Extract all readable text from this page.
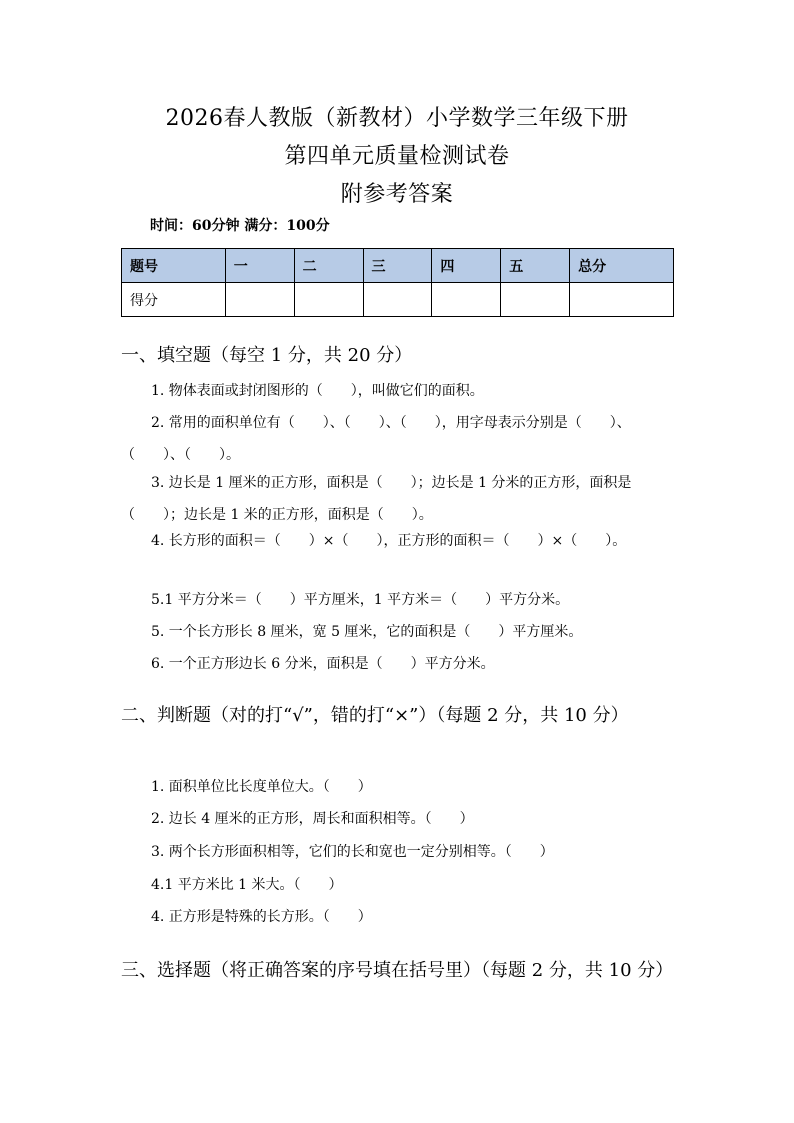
2026春人教版（新教材）小学数学三年级下册
第四单元质量检测试卷
附参考答案
时间：60分钟 满分：100分
题号	一	二	三	四	五	总分
得分						
一、填空题（每空 1 分，共 20 分）
1. 物体表面或封闭图形的（　　），叫做它们的面积。
2. 常用的面积单位有（　　）、（　　）、（　　），用字母表示分别是（　　）、（　　）、（　　）。
3. 边长是 1 厘米的正方形，面积是（　　）；边长是 1 分米的正方形，面积是（　　）；边长是 1 米的正方形，面积是（　　）。
4. 长方形的面积＝（　　）×（　　），正方形的面积＝（　　）×（　　）。
5.1 平方分米＝（　　）平方厘米，1 平方米＝（　　）平方分米。
5. 一个长方形长 8 厘米，宽 5 厘米，它的面积是（　　）平方厘米。
6. 一个正方形边长 6 分米，面积是（　　）平方分米。
二、判断题（对的打“√”，错的打“×”）（每题 2 分，共 10 分）
1. 面积单位比长度单位大。（　　）
2. 边长 4 厘米的正方形，周长和面积相等。（　　）
3. 两个长方形面积相等，它们的长和宽也一定分别相等。（　　）
4.1 平方米比 1 米大。（　　）
4. 正方形是特殊的长方形。（　　）
三、选择题（将正确答案的序号填在括号里）（每题 2 分，共 10 分）
